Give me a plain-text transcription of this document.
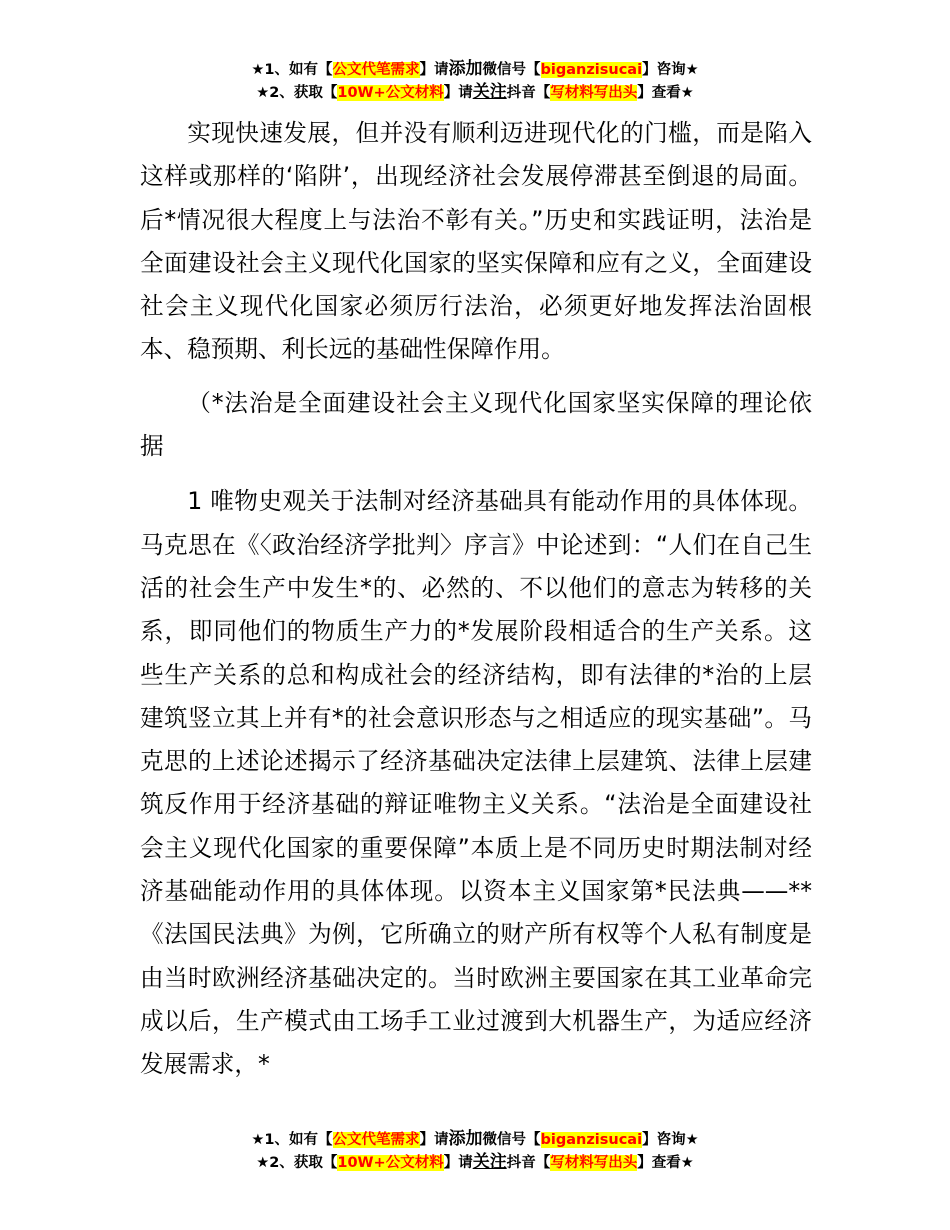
★1、如有【公文代笔需求】请添加微信号【biganzisucai】咨询★
★2、获取【10W+公文材料】请关注抖音【写材料写出头】查看★

实现快速发展，但并没有顺利迈进现代化的门槛，而是陷入这样或那样的‘陷阱’，出现经济社会发展停滞甚至倒退的局面。后*情况很大程度上与法治不彰有关。”历史和实践证明，法治是全面建设社会主义现代化国家的坚实保障和应有之义，全面建设社会主义现代化国家必须厉行法治，必须更好地发挥法治固根本、稳预期、利长远的基础性保障作用。

（*法治是全面建设社会主义现代化国家坚实保障的理论依据

1 唯物史观关于法制对经济基础具有能动作用的具体体现。马克思在《〈政治经济学批判〉序言》中论述到：“人们在自己生活的社会生产中发生*的、必然的、不以他们的意志为转移的关系，即同他们的物质生产力的*发展阶段相适合的生产关系。这些生产关系的总和构成社会的经济结构，即有法律的*治的上层建筑竖立其上并有*的社会意识形态与之相适应的现实基础”。马克思的上述论述揭示了经济基础决定法律上层建筑、法律上层建筑反作用于经济基础的辩证唯物主义关系。“法治是全面建设社会主义现代化国家的重要保障”本质上是不同历史时期法制对经济基础能动作用的具体体现。以资本主义国家第*民法典——**《法国民法典》为例，它所确立的财产所有权等个人私有制度是由当时欧洲经济基础决定的。当时欧洲主要国家在其工业革命完成以后，生产模式由工场手工业过渡到大机器生产，为适应经济发展需求，*

★1、如有【公文代笔需求】请添加微信号【biganzisucai】咨询★
★2、获取【10W+公文材料】请关注抖音【写材料写出头】查看★
